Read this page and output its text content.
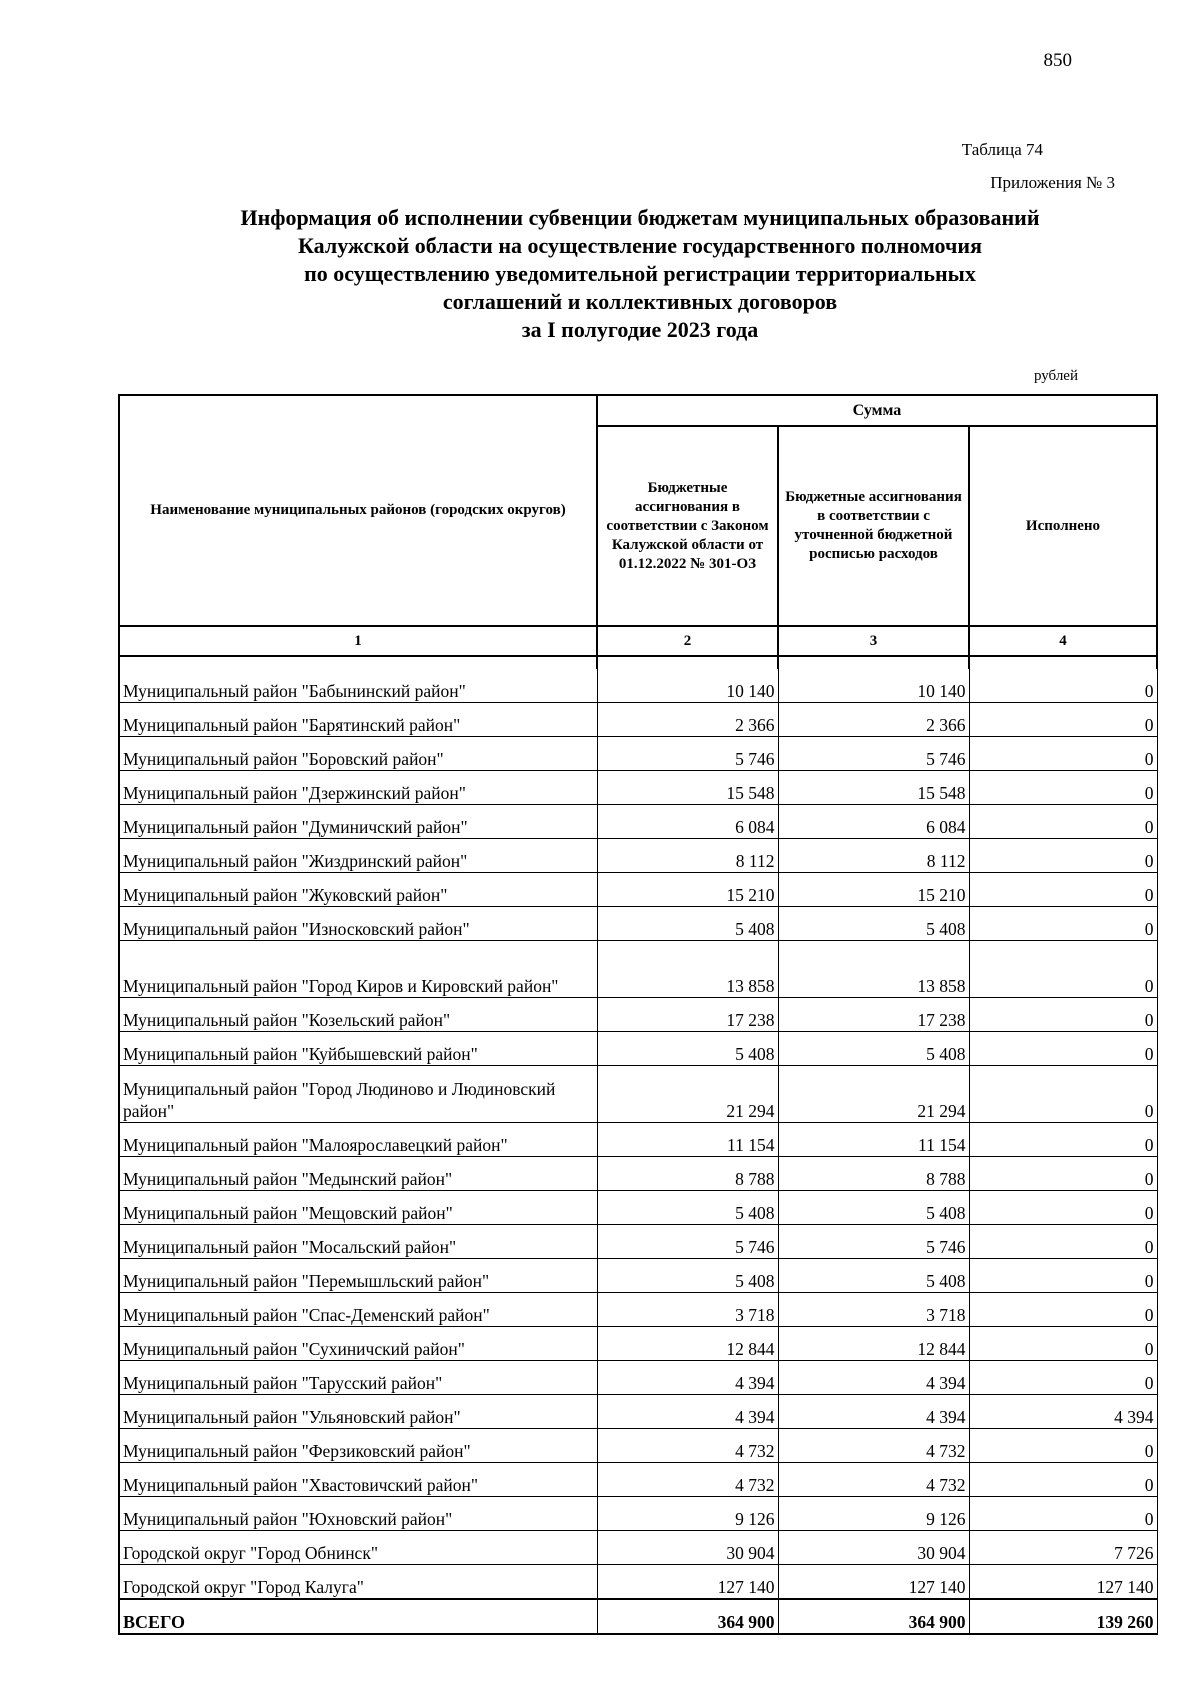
850
Таблица 74
Приложения № 3
Информация об исполнении субвенции бюджетам муниципальных образований
Калужской области на осуществление государственного полномочия
по осуществлению уведомительной регистрации территориальных
соглашений и коллективных договоров
за I полугодие 2023 года
рублей
Наименование муниципальных районов (городских округов)	Сумма		
	Бюджетные ассигнования в соответствии с Законом Калужской области от 01.12.2022 № 301-ОЗ	Бюджетные ассигнования в соответствии с уточненной бюджетной росписью расходов	Исполнено
1	2	3	4

Муниципальный район "Бабынинский район"	10 140	10 140	0
Муниципальный район "Барятинский район"	2 366	2 366	0
Муниципальный район "Боровский район"	5 746	5 746	0
Муниципальный район "Дзержинский район"	15 548	15 548	0
Муниципальный район "Думиничский район"	6 084	6 084	0
Муниципальный район "Жиздринский район"	8 112	8 112	0
Муниципальный район "Жуковский район"	15 210	15 210	0
Муниципальный район "Износковский район"	5 408	5 408	0
Муниципальный район "Город Киров и Кировский район"	13 858	13 858	0
Муниципальный район "Козельский район"	17 238	17 238	0
Муниципальный район "Куйбышевский район"	5 408	5 408	0
Муниципальный район "Город Людиново и Людиновский район"	21 294	21 294	0
Муниципальный район "Малоярославецкий район"	11 154	11 154	0
Муниципальный район "Медынский район"	8 788	8 788	0
Муниципальный район "Мещовский район"	5 408	5 408	0
Муниципальный район "Мосальский район"	5 746	5 746	0
Муниципальный район "Перемышльский район"	5 408	5 408	0
Муниципальный район "Спас-Деменский район"	3 718	3 718	0
Муниципальный район "Сухиничский район"	12 844	12 844	0
Муниципальный район "Тарусский район"	4 394	4 394	0
Муниципальный район "Ульяновский район"	4 394	4 394	4 394
Муниципальный район "Ферзиковский район"	4 732	4 732	0
Муниципальный район "Хвастовичский район"	4 732	4 732	0
Муниципальный район "Юхновский район"	9 126	9 126	0
Городской округ "Город Обнинск"	30 904	30 904	7 726
Городской округ "Город Калуга"	127 140	127 140	127 140
ВСЕГО	364 900	364 900	139 260
